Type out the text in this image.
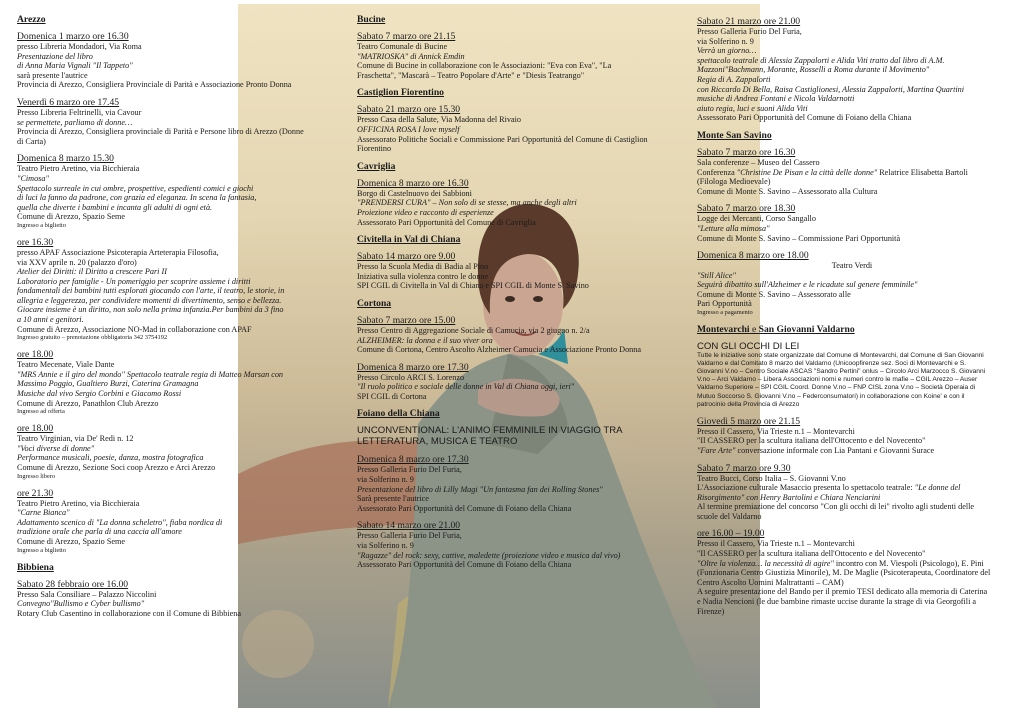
Arezzo
Domenica 1 marzo ore 16.30
presso Libreria Mondadori, Via Roma
Presentazione del libro
di Anna Maria Vignali "Il Tappeto"
sarà presente l'autrice
Provincia di Arezzo, Consigliera Provinciale di Parità e Associazione Pronto Donna
Venerdì 6 marzo ore 17.45
Presso Libreria Feltrinelli, via Cavour
se permettete, parliamo di donne…
Provincia di Arezzo, Consigliera provinciale di Parità e Persone libro di Arezzo (Donne
di Carta)
Domenica 8 marzo 15.30
Teatro Pietro Aretino, via Bicchieraia
"Cimosa"
Spettacolo surreale in cui ombre, prospettive, espedienti comici e giochi
di luci la fanno da padrone, con grazia ed eleganza. In scena la fantasia,
quella che diverte i bambini e incanta gli adulti di ogni età.
Comune di Arezzo, Spazio Seme
Ingresso a biglietto
ore 16.30
presso APAF Associazione Psicoterapia Arteterapia Filosofia,
via XXV aprile n. 20 (palazzo d'oro)
Atelier dei Diritti: il Diritto a crescere Pari II
Laboratorio per famiglie - Un pomeriggio per scoprire assieme i diritti
fondamentali dei bambini tutti esplorati giocando con l'arte, il teatro, le storie, in
allegria e leggerezza, per condividere momenti di divertimento, senso e bellezza.
Giocare insieme è un diritto, non solo nella prima infanzia.Per bambini da 3 fino
a 10 anni e genitori.
Comune di Arezzo, Associazione NO-Mad in collaborazione con APAF
Ingresso gratuito – prenotazione obbligatoria 342 3754192
ore 18.00
Teatro Mecenate, Viale Dante
"MRS Annie e il giro del mondo" Spettacolo teatrale regia di Matteo Marsan con
Massimo Poggio, Gualtiero Burzi, Caterina Gramagna
Musiche dal vivo Sergio Corbini e Giacomo Rossi
Comune di Arezzo, Panathlon Club Arezzo
Ingresso ad offerta
ore 18.00
Teatro Virginian, via De' Redi n. 12
"Voci diverse di donne"
Performance musicali, poesie, danza, mostra fotografica
Comune di Arezzo, Sezione Soci coop Arezzo e Arci Arezzo
Ingresso libero
ore 21.30
Teatro Pietro Aretino, via Bicchieraia
"Carne Bianca"
Adattamento scenico di "La donna scheletro", fiaba nordica di
tradizione orale che parla di una caccia all'amore
Comune di Arezzo, Spazio Seme
Ingresso a biglietto
Bibbiena
Sabato 28 febbraio ore 16.00
Presso Sala Consiliare – Palazzo Niccolini
Convegno"Bullismo e Cyber bullismo"
Rotary Club Casentino in collaborazione con il Comune di Bibbiena
Bucine
Sabato 7 marzo ore 21.15
Teatro Comunale di Bucine
"MATRIOSKA" di Annick Emdin
Comune di Bucine in collaborazione con le Associazioni: "Eva con Eva", "La
Fraschetta", "Mascarà – Teatro Popolare d'Arte" e "Diesis Teatrango"
Castiglion Fiorentino
Sabato 21 marzo ore 15.30
Presso Casa della Salute, Via Madonna del Rivaio
OFFICINA ROSA I love myself
Assessorato Politiche Sociali e Commissione Pari Opportunità del Comune di Castiglion
Fiorentino
Cavriglia
Domenica 8 marzo ore 16.30
Borgo di Castelnuovo dei Sabbioni
"PRENDERSI CURA" – Non solo di se stesse, ma anche degli altri
Proiezione video e racconto di esperienze
Assessorato Pari Opportunità del Comune di Cavriglia
Civitella in Val di Chiana
Sabato 14 marzo ore 9.00
Presso la Scuola Media di Badia al Pino
Iniziativa sulla violenza contro le donne
SPI CGIL di Civitella in Val di Chiana e SPI CGIL di Monte S. Savino
Cortona
Sabato 7 marzo ore 15.00
Presso Centro di Aggregazione Sociale di Camucia, via 2 giugno n. 2/a
ALZHEIMER: la donna e il suo viver ora
Comune di Cortona, Centro Ascolto Alzheimer Camucia e Associazione Pronto Donna
Domenica 8 marzo ore 17.30
Presso Circolo ARCI S. Lorenzo
"Il ruolo politico e sociale delle donne in Val di Chiana oggi, ieri"
SPI CGIL di Cortona
Foiano della Chiana
UNCONVENTIONAL: L'ANIMO FEMMINILE IN VIAGGIO TRA
LETTERATURA, MUSICA E TEATRO
Domenica 8 marzo ore 17.30
Presso Galleria Furio Del Furia,
via Solferino n. 9
Presentazione del libro di Lilly Magi "Un fantasma fan dei Rolling Stones"
Sarà presente l'autrice
Assessorato Pari Opportunità del Comune di Foiano della Chiana
Sabato 14 marzo ore 21.00
Presso Galleria Furio Del Furia,
via Solferino n. 9
"Ragazze" del rock: sexy, cattive, maledette (proiezione video e musica dal vivo)
Assessorato Pari Opportunità del Comune di Foiano della Chiana
Sabato 21 marzo ore 21.00
Presso Galleria Furio Del Furia,
via Solferino n. 9
Verrà un giorno…
spettacolo teatrale di Alessia Zappalorti e Alida Viti tratto dal libro di A.M.
Mazzoni"Bachmann, Morante, Rosselli a Roma durante il Movimento"
Regia di A. Zappalorti
con Riccardo Di Bella, Raisa Castiglionesi, Alessia Zappalorti, Martina Quartini
musiche di Andrea Fontani e Nicola Valdarnotti
aiuto regia, luci e suoni Alida Viti
Assessorato Pari Opportunità del Comune di Foiano della Chiana
Monte San Savino
Sabato 7 marzo ore 16.30
Sala conferenze – Museo del Cassero
Conferenza "Christine De Pisan e la città delle donne" Relatrice Elisabetta Bartoli
(Filologa Medioevale)
Comune di Monte S. Savino – Assessorato alla Cultura
Sabato 7 marzo ore 18.30
Logge dei Mercanti, Corso Sangallo
"Letture alla mimosa"
Comune di Monte S. Savino – Commissione Pari Opportunità
Domenica 8 marzo ore 18.00
Teatro Verdi
"Still Alice"
Seguirà dibattito sull'Alzheimer e le ricadute sul genere femminile"
Comune di Monte S. Savino – Assessorato alle
Pari Opportunità
Ingresso a pagamento
Montevarchi e San Giovanni Valdarno
CON GLI OCCHI DI LEI
Tutte le iniziative sono state organizzate dal Comune di Montevarchi, dal Comune di San Giovanni
Valdarno e dal Comitato 8 marzo del Valdarno (Unicoopfirenze sez. Soci di Montevarchi e S.
Giovanni V.no – Centro Sociale ASCAS "Sandro Pertini" onlus – Circolo Arci Marzocco S. Giovanni
V.no – Arci Valdarno – Libera Associazioni nomi e numeri contro le mafie – CGIL Arezzo – Auser
Valdarno Superiore – SPI CGIL Coord. Donne V.no – FNP CISL zona V.no – Società Operaia di
Mutuo Soccorso S. Giovanni V.no – Federconsumatori) in collaborazione con Koine' e con il
patrocinio della Provincia di Arezzo
Giovedì 5 marzo ore 21.15
Presso il Cassero, Via Trieste n.1 – Montevarchi
"Il CASSERO per la scultura italiana dell'Ottocento e del Novecento"
"Fare Arte" conversazione informale con Lia Pantani e Giovanni Surace
Sabato 7 marzo ore 9.30
Teatro Bucci, Corso Italia – S. Giovanni V.no
L'Associazione culturale Masaccio presenta lo spettacolo teatrale: "Le donne del
Risorgimento" con Henry Bartolini e Chiara Nenciarini
Al termine premiazione del concorso "Con gli occhi di lei" rivolto agli studenti delle
scuole del Valdarno
ore 16.00 – 19.00
Presso il Cassero, Via Trieste n.1 – Montevarchi
"Il CASSERO per la scultura italiana dell'Ottocento e del Novecento"
"Oltre la violenza… la necessità di agire" incontro con M. Viespoli (Psicologo), E. Pini
(Funzionaria Centro Giustizia Minorile), M. De Maglie (Psicoterapeuta, Coordinatore del
Centro Ascolto Uomini Maltrattanti – CAM)
A seguire presentazione del Bando per il premio TESI dedicato alla memoria di Caterina
e Nadia Nencioni (le due bambine rimaste uccise durante la strage di via Georgofili a
Firenze)
